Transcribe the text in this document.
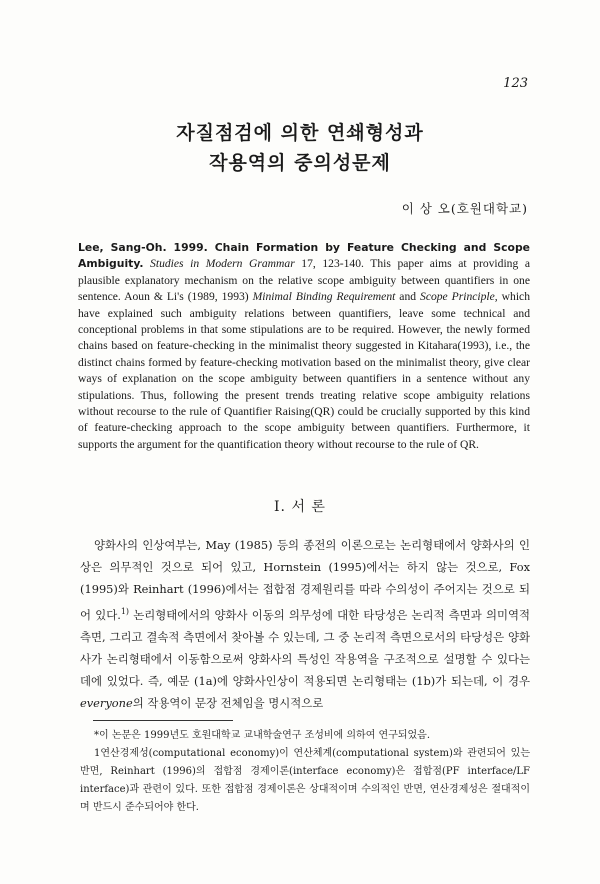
123
자질점검에 의한 연쇄형성과
작용역의 중의성문제
이 상 오(호원대학교)
Lee, Sang-Oh. 1999. Chain Formation by Feature Checking and Scope Ambiguity. Studies in Modern Grammar 17, 123-140. This paper aims at providing a plausible explanatory mechanism on the relative scope ambiguity between quantifiers in one sentence. Aoun & Li's (1989, 1993) Minimal Binding Requirement and Scope Principle, which have explained such ambiguity relations between quantifiers, leave some technical and conceptional problems in that some stipulations are to be required. However, the newly formed chains based on feature-checking in the minimalist theory suggested in Kitahara(1993), i.e., the distinct chains formed by feature-checking motivation based on the minimalist theory, give clear ways of explanation on the scope ambiguity between quantifiers in a sentence without any stipulations. Thus, following the present trends treating relative scope ambiguity relations without recourse to the rule of Quantifier Raising(QR) could be crucially supported by this kind of feature-checking approach to the scope ambiguity between quantifiers. Furthermore, it supports the argument for the quantification theory without recourse to the rule of QR.
I. 서 론
양화사의 인상여부는, May (1985) 등의 종전의 이론으로는 논리형태에서 양화사의 인상은 의무적인 것으로 되어 있고, Hornstein (1995)에서는 하지 않는 것으로, Fox (1995)와 Reinhart (1996)에서는 접합점 경제원리를 따라 수의성이 주어지는 것으로 되어 있다.$^{1)}$ 논리형태에서의 양화사 이동의 의무성에 대한 타당성은 논리적 측면과 의미역적 측면, 그리고 결속적 측면에서 찾아볼 수 있는데, 그 중 논리적 측면으로서의 타당성은 양화사가 논리형태에서 이동함으로써 양화사의 특성인 작용역을 구조적으로 설명할 수 있다는 데에 있었다. 즉, 예문 (1a)에 양화사인상이 적용되면 논리형태는 (1b)가 되는데, 이 경우 everyone의 작용역이 문장 전체임을 명시적으로
*이 논문은 1999년도 호원대학교 교내학술연구 조성비에 의하여 연구되었음.
1연산경제성(computational economy)이 연산체계(computational system)와 관련되어 있는 반면, Reinhart (1996)의 접합점 경제이론(interface economy)은 접합점(PF interface/LF interface)과 관련이 있다. 또한 접합점 경제이론은 상대적이며 수의적인 반면, 연산경제성은 절대적이며 반드시 준수되어야 한다.
